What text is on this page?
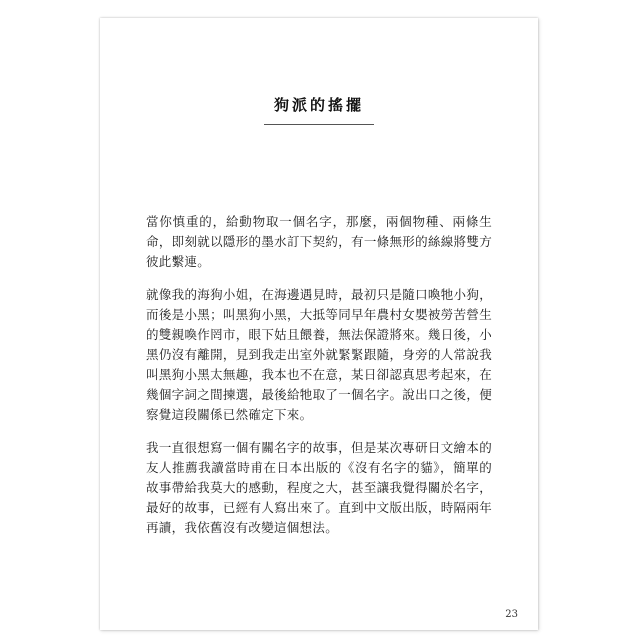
狗派的搖擺

當你慎重的，給動物取一個名字，那麼，兩個物種、兩條生命，即刻就以隱形的墨水訂下契約，有一條無形的絲線將雙方彼此繫連。

就像我的海狗小姐，在海邊遇見時，最初只是隨口喚牠小狗，而後是小黑；叫黑狗小黑，大抵等同早年農村女嬰被勞苦營生的雙親喚作罔市，眼下姑且餵養，無法保證將來。幾日後，小黑仍沒有離開，見到我走出室外就緊緊跟隨，身旁的人常說我叫黑狗小黑太無趣，我本也不在意，某日卻認真思考起來，在幾個字詞之間揀選，最後給牠取了一個名字。說出口之後，便察覺這段關係已然確定下來。

我一直很想寫一個有關名字的故事，但是某次專研日文繪本的友人推薦我讀當時甫在日本出版的《沒有名字的貓》，簡單的故事帶給我莫大的感動，程度之大，甚至讓我覺得關於名字，最好的故事，已經有人寫出來了。直到中文版出版，時隔兩年再讀，我依舊沒有改變這個想法。

23
